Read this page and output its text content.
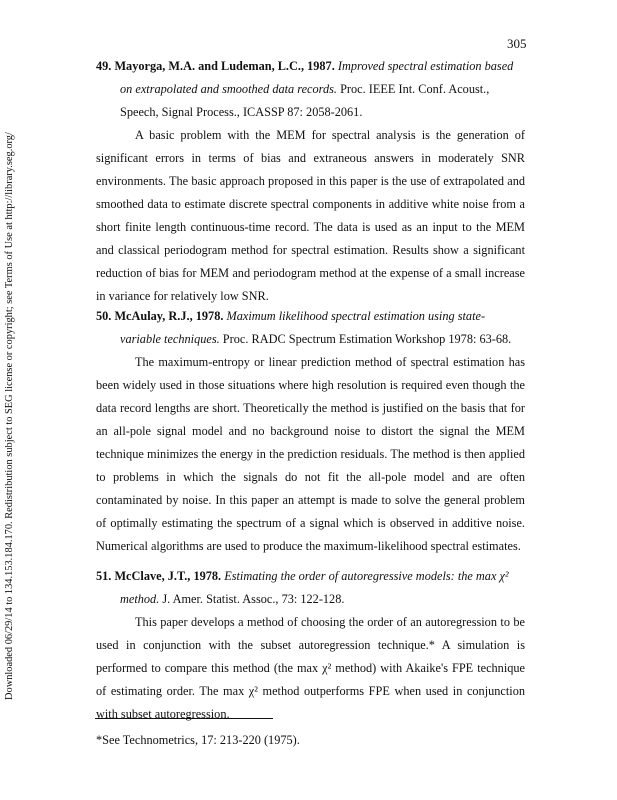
305
Downloaded 06/29/14 to 134.153.184.170. Redistribution subject to SEG license or copyright; see Terms of Use at http://library.seg.org/

49. Mayorga, M.A. and Ludeman, L.C., 1987. Improved spectral estimation based on extrapolated and smoothed data records. Proc. IEEE Int. Conf. Acoust., Speech, Signal Process., ICASSP 87: 2058-2061.

A basic problem with the MEM for spectral analysis is the generation of significant errors in terms of bias and extraneous answers in moderately SNR environments. The basic approach proposed in this paper is the use of extrapolated and smoothed data to estimate discrete spectral components in additive white noise from a short finite length continuous-time record. The data is used as an input to the MEM and classical periodogram method for spectral estimation. Results show a significant reduction of bias for MEM and periodogram method at the expense of a small increase in variance for relatively low SNR.

50. McAulay, R.J., 1978. Maximum likelihood spectral estimation using state-variable techniques. Proc. RADC Spectrum Estimation Workshop 1978: 63-68.

The maximum-entropy or linear prediction method of spectral estimation has been widely used in those situations where high resolution is required even though the data record lengths are short. Theoretically the method is justified on the basis that for an all-pole signal model and no background noise to distort the signal the MEM technique minimizes the energy in the prediction residuals. The method is then applied to problems in which the signals do not fit the all-pole model and are often contaminated by noise. In this paper an attempt is made to solve the general problem of optimally estimating the spectrum of a signal which is observed in additive noise. Numerical algorithms are used to produce the maximum-likelihood spectral estimates.

51. McClave, J.T., 1978. Estimating the order of autoregressive models: the max χ² method. J. Amer. Statist. Assoc., 73: 122-128.

This paper develops a method of choosing the order of an autoregression to be used in conjunction with the subset autoregression technique.* A simulation is performed to compare this method (the max χ² method) with Akaike's FPE technique of estimating order. The max χ² method outperforms FPE when used in conjunction with subset autoregression.

*See Technometrics, 17: 213-220 (1975).
